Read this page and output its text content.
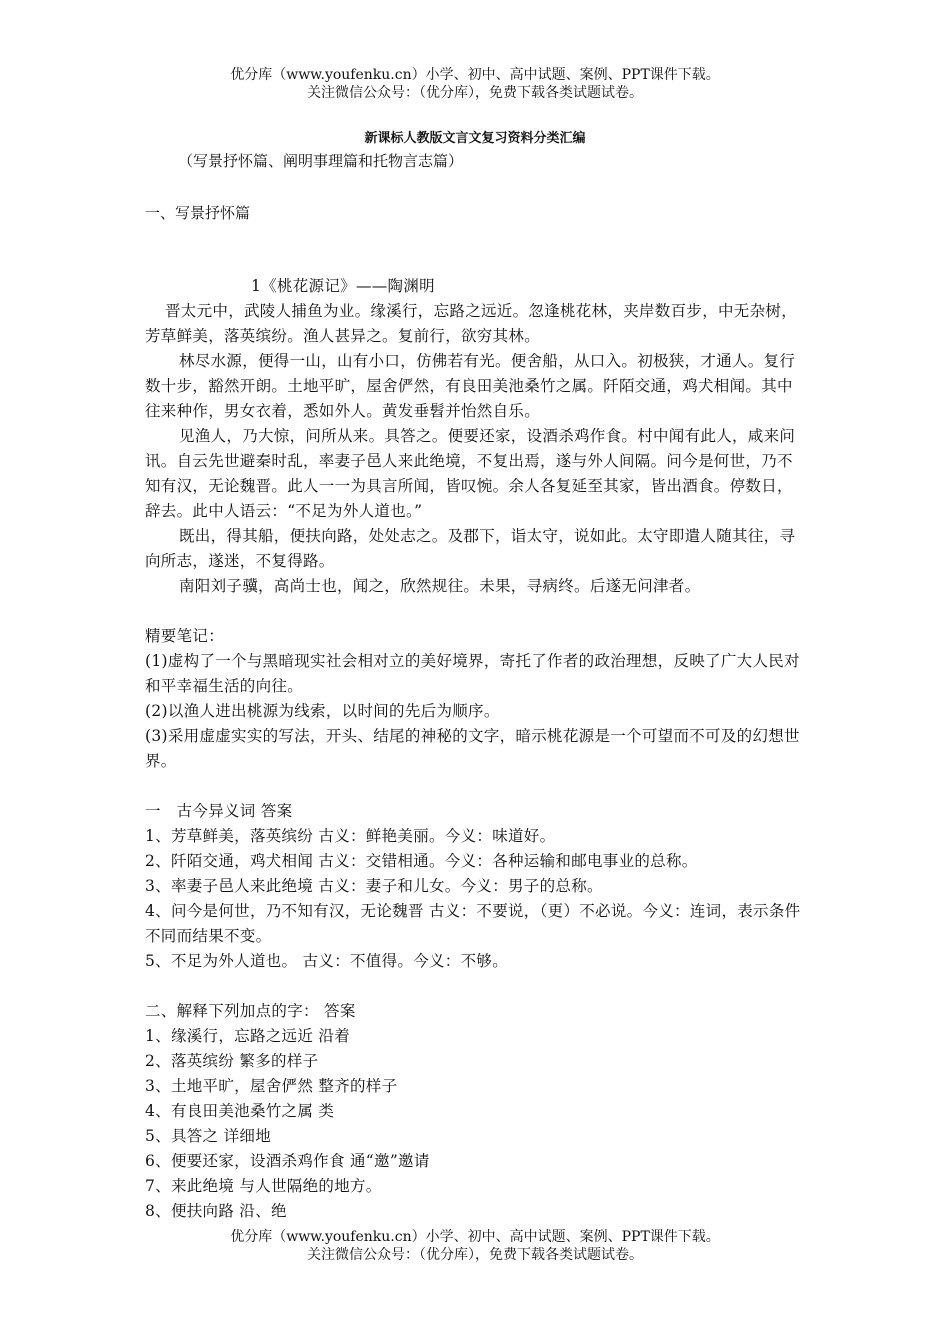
优分库（www.youfenku.cn）小学、初中、高中试题、案例、PPT课件下载。
关注微信公众号：（优分库），免费下载各类试题试卷。
新课标人教版文言文复习资料分类汇编
（写景抒怀篇、阐明事理篇和托物言志篇）
一、写景抒怀篇

1《桃花源记》——陶渊明

晋太元中，武陵人捕鱼为业。缘溪行，忘路之远近。忽逢桃花林，夹岸数百步，中无杂树，芳草鲜美，落英缤纷。渔人甚异之。复前行，欲穷其林。

林尽水源，便得一山，山有小口，仿佛若有光。便舍船，从口入。初极狭，才通人。复行数十步，豁然开朗。土地平旷，屋舍俨然，有良田美池桑竹之属。阡陌交通，鸡犬相闻。其中往来种作，男女衣着，悉如外人。黄发垂髫并怡然自乐。

见渔人，乃大惊，问所从来。具答之。便要还家，设酒杀鸡作食。村中闻有此人，咸来问讯。自云先世避秦时乱，率妻子邑人来此绝境，不复出焉，遂与外人间隔。问今是何世，乃不知有汉，无论魏晋。此人一一为具言所闻，皆叹惋。余人各复延至其家，皆出酒食。停数日，辞去。此中人语云：“不足为外人道也。”

既出，得其船，便扶向路，处处志之。及郡下，诣太守，说如此。太守即遣人随其往，寻向所志，遂迷，不复得路。

南阳刘子骥，高尚士也，闻之，欣然规往。未果，寻病终。后遂无问津者。

精要笔记：

(1)虚构了一个与黑暗现实社会相对立的美好境界，寄托了作者的政治理想，反映了广大人民对和平幸福生活的向往。

(2)以渔人进出桃源为线索，以时间的先后为顺序。

(3)采用虚虚实实的写法，开头、结尾的神秘的文字，暗示桃花源是一个可望而不可及的幻想世界。

一　古今异义词 答案

1、芳草鲜美，落英缤纷 古义：鲜艳美丽。今义：味道好。

2、阡陌交通，鸡犬相闻 古义：交错相通。今义：各种运输和邮电事业的总称。

3、率妻子邑人来此绝境 古义：妻子和儿女。今义：男子的总称。

4、问今是何世，乃不知有汉，无论魏晋 古义：不要说，（更）不必说。今义：连词，表示条件不同而结果不变。

5、不足为外人道也。 古义：不值得。今义：不够。

二、解释下列加点的字： 答案

1、缘溪行，忘路之远近 沿着

2、落英缤纷 繁多的样子

3、土地平旷，屋舍俨然 整齐的样子

4、有良田美池桑竹之属 类

5、具答之 详细地

6、便要还家，设酒杀鸡作食 通“邀”邀请

7、来此绝境 与人世隔绝的地方。

8、便扶向路 沿、绝

优分库（www.youfenku.cn）小学、初中、高中试题、案例、PPT课件下载。
关注微信公众号：（优分库），免费下载各类试题试卷。
